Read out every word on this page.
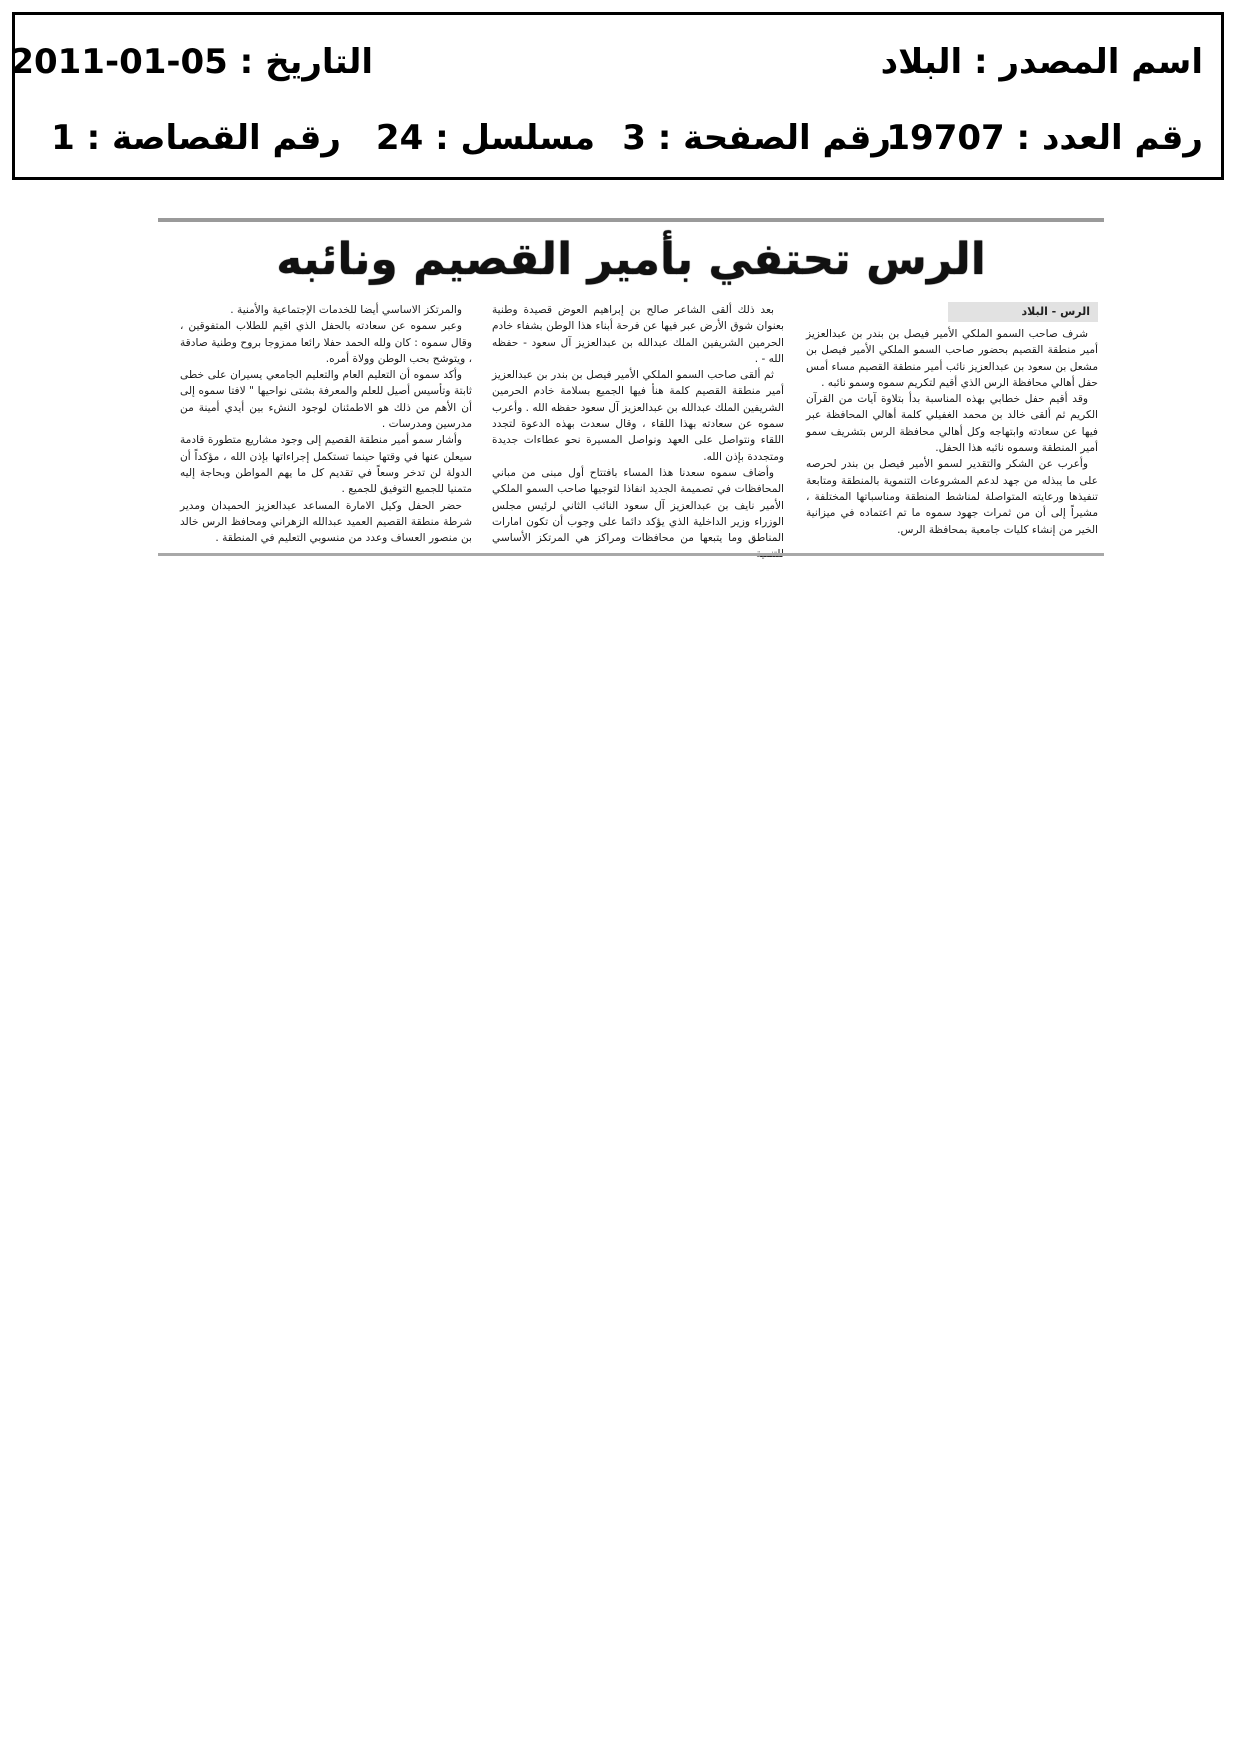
اسم المصدر : البلاد
التاريخ : 2011-01-05
رقم العدد : 19707
رقم الصفحة : 3
مسلسل : 24
رقم القصاصة : 1
الرس تحتفي بأمير القصيم ونائبه
الرس - البلاد

شرف صاحب السمو الملكي الأمير فيصل بن بندر بن عبدالعزيز أمير منطقة القصيم بحضور صاحب السمو الملكي الأمير فيصل بن مشعل بن سعود بن عبدالعزيز نائب أمير منطقة القصيم مساء أمس حفل أهالي محافظة الرس الذي أقيم لتكريم سموه وسمو نائبه .

وقد أقيم حفل خطابي بهذه المناسبة بدأ بتلاوة آيات من القرآن الكريم ثم ألقى خالد بن محمد الغفيلي كلمة أهالي المحافظة عبر فيها عن سعادته وابتهاجه وكل أهالي محافظة الرس بتشريف سمو أمير المنطقة وسموه نائبه هذا الحفل.

وأعرب عن الشكر والتقدير لسمو الأمير فيصل بن بندر لحرصه على ما يبذله من جهد لدعم المشروعات التنموية بالمنطقة ومتابعة تنفيذها ورعايته المتواصلة لمناشط المنطقة ومناسباتها المختلفة ، مشيراً إلى أن من ثمرات جهود سموه ما تم اعتماده في ميزانية الخير من إنشاء كليات جامعية بمحافظة الرس.

بعد ذلك ألقى الشاعر صالح بن إبراهيم العوض قصيدة وطنية بعنوان شوق الأرض عبر فيها عن فرحة أبناء هذا الوطن بشفاء خادم الحرمين الشريفين الملك عبدالله بن عبدالعزيز آل سعود - حفظه الله - .

ثم ألقى صاحب السمو الملكي الأمير فيصل بن بندر بن عبدالعزيز أمير منطقة القصيم كلمة هنأ فيها الجميع بسلامة خادم الحرمين الشريفين الملك عبدالله بن عبدالعزيز آل سعود حفظه الله . وأعرب سموه عن سعادته بهذا اللقاء ، وقال سعدت بهذه الدعوة لتجدد اللقاء ونتواصل على العهد ونواصل المسيرة نحو عطاءات جديدة ومتجددة بإذن الله.

وأضاف سموه سعدنا هذا المساء بافتتاح أول مبنى من مباني المحافظات في تصميمة الجديد انفاذا لتوجيها صاحب السمو الملكي الأمير نايف بن عبدالعزيز آل سعود النائب الثاني لرئيس مجلس الوزراء وزير الداخلية الذي يؤكد دائما على وجوب أن تكون امارات المناطق وما يتبعها من محافظات ومراكز هي المرتكز الأساسي

والمرتكز الاساسي أيضا للخدمات الإجتماعية والأمنية .

وعبر سموه عن سعادته بالحفل الذي اقيم للطلاب المتفوقين ، وقال سموه : كان ولله الحمد حفلا رائعا ممزوجا بروح وطنية صادقة ، ويتوشح بحب الوطن وولاة أمره.

وأكد سموه أن التعليم العام والتعليم الجامعي يسيران على خطى ثابتة وتأسيس أصيل للعلم والمعرفة بشتى نواحيها " لافتا سموه إلى أن الأهم من ذلك هو الاطمئنان لوجود النشء بين أيدي أمينة من مدرسين ومدرسات .

وأشار سمو أمير منطقة القصيم إلى وجود مشاريع متطورة قادمة سيعلن عنها في وقتها حينما تستكمل إجراءاتها بإذن الله ، مؤكداً أن الدولة لن تدخر وسعاً في تقديم كل ما يهم المواطن وبحاجة إليه متمنيا للجميع التوفيق للجميع .

حضر الحفل وكيل الامارة المساعد عبدالعزيز الحميدان ومدير شرطة منطقة القصيم العميد عبدالله الزهراني ومحافظ الرس خالد بن منصور العساف وعدد من منسوبي التعليم في المنطقة .
